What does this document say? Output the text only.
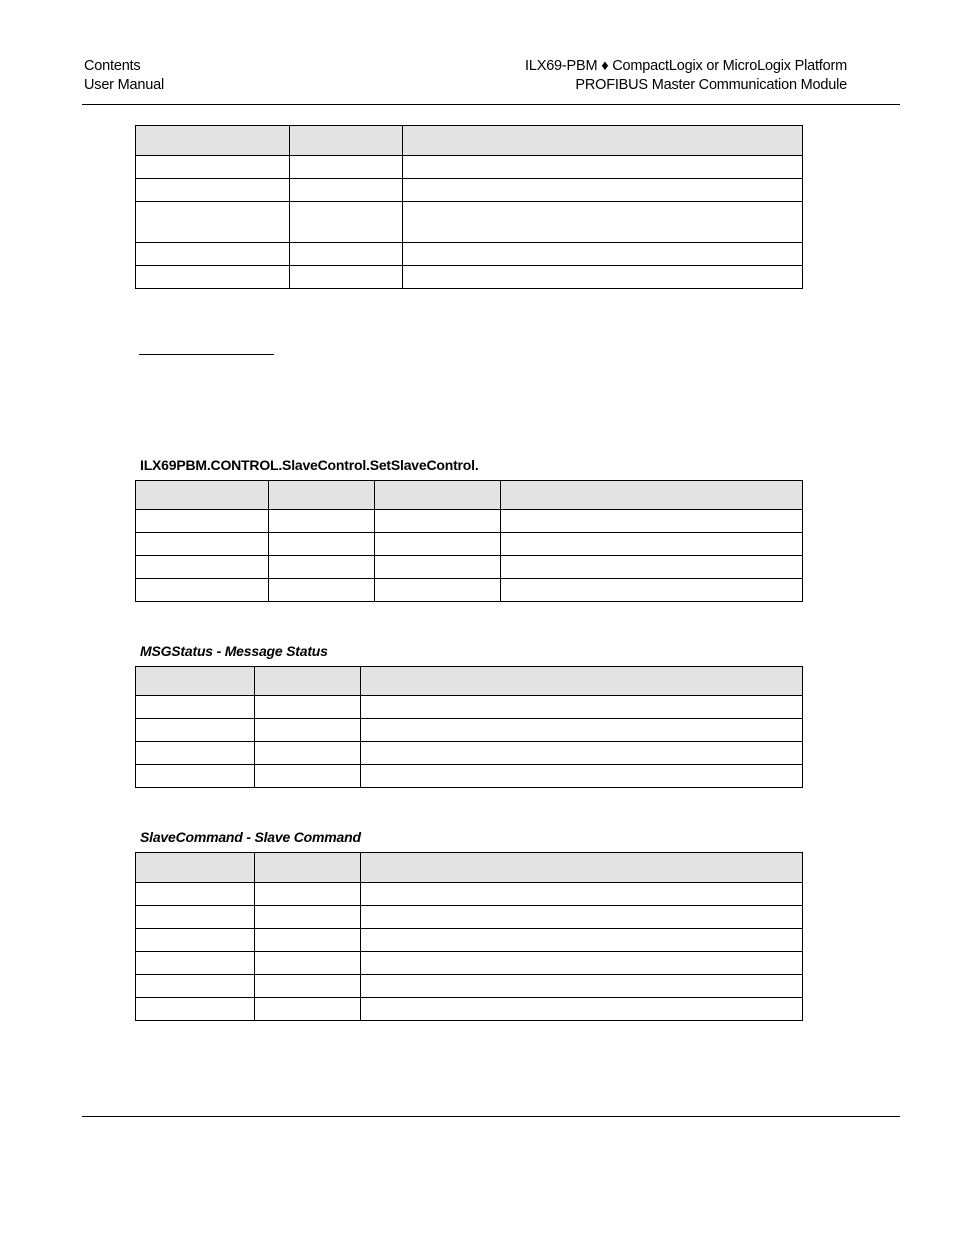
Contents
User Manual
ILX69-PBM ♦ CompactLogix or MicroLogix Platform
PROFIBUS Master Communication Module

ILX69PBM.CONTROL.SlaveControl.SetSlaveControl.

MSGStatus - Message Status

SlaveCommand - Slave Command
